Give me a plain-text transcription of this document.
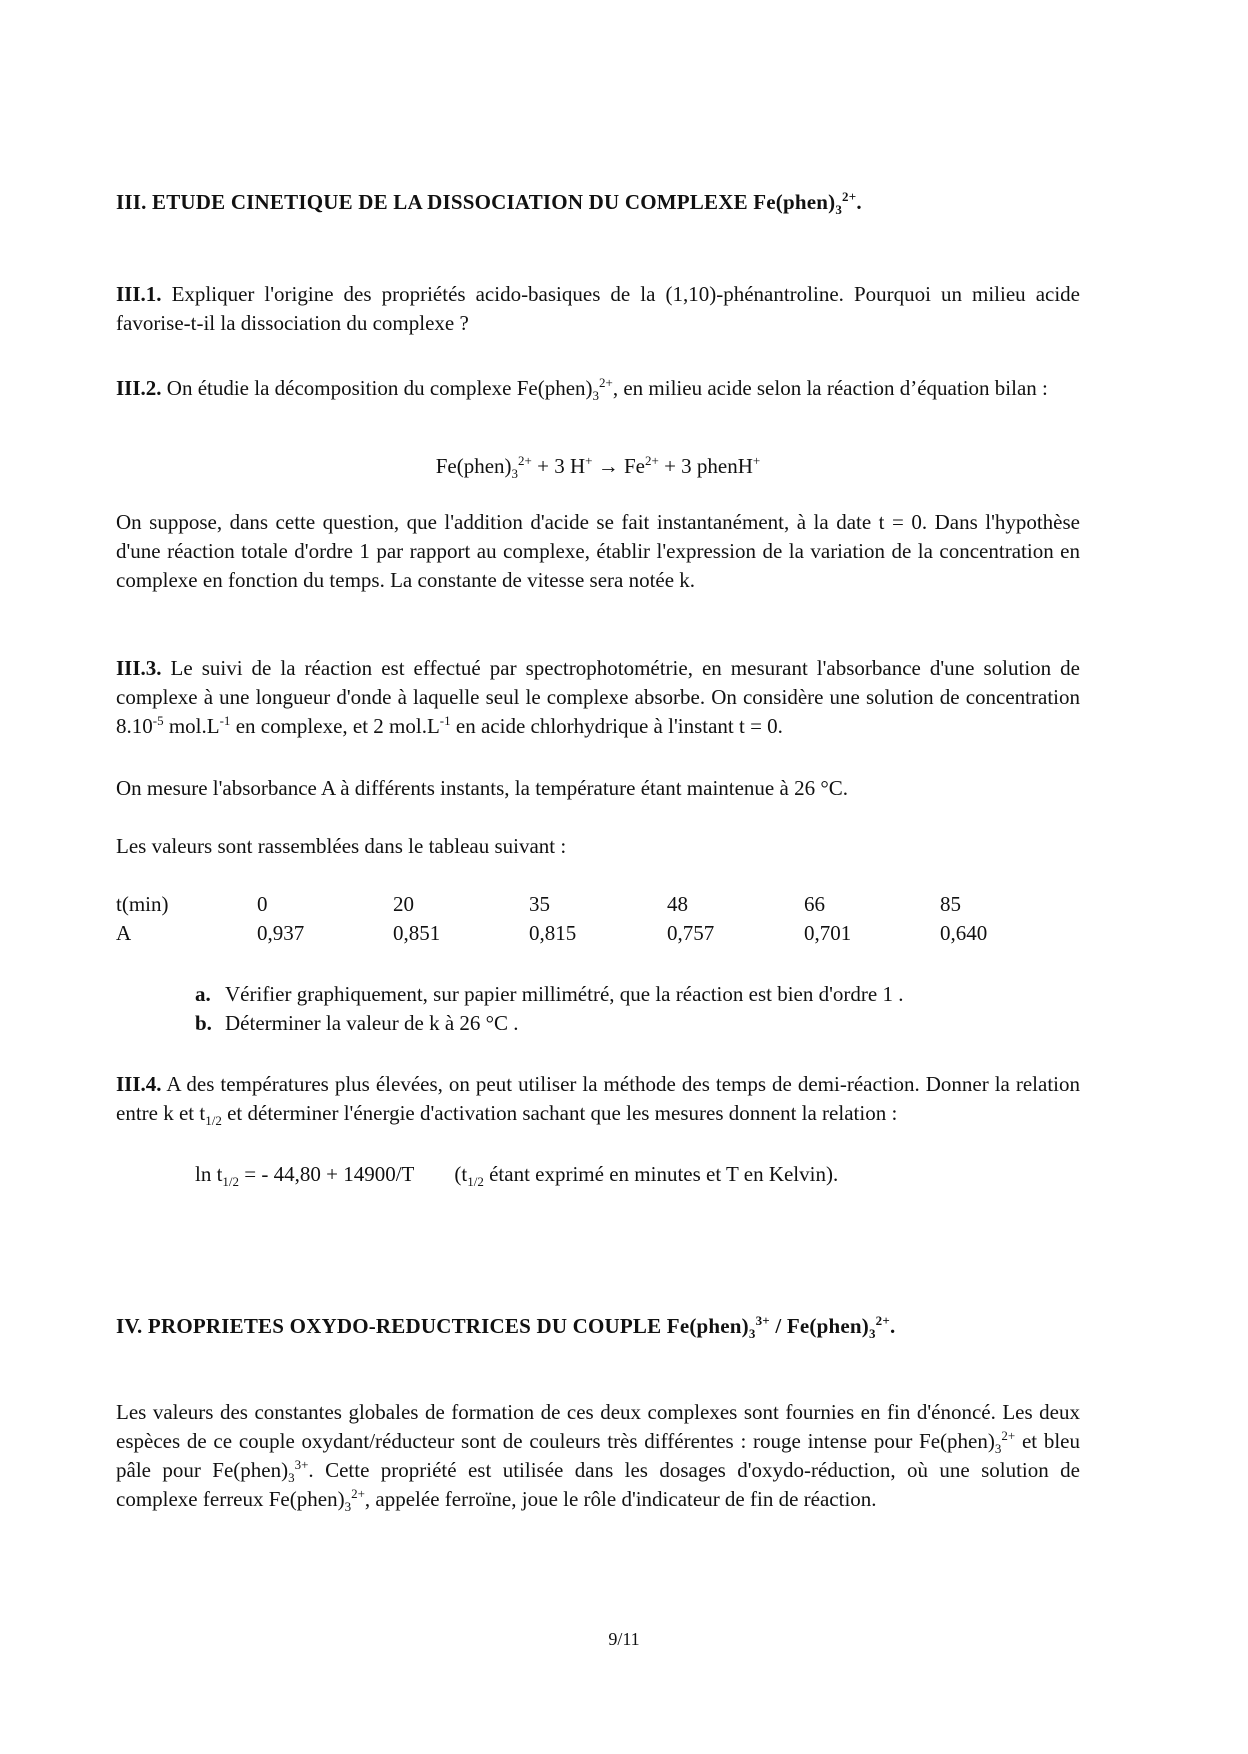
III. ETUDE CINETIQUE DE LA DISSOCIATION DU COMPLEXE $Fe(phen)_3^{2+}$.
III.1. Expliquer l'origine des propriétés acido-basiques de la (1,10)-phénantroline. Pourquoi un milieu acide favorise-t-il la dissociation du complexe ?
III.2. On étudie la décomposition du complexe $Fe(phen)_3^{2+}$, en milieu acide selon la réaction d’équation bilan :
$Fe(phen)_3^{2+} + 3$ $H^+ \to Fe^{2+} + 3$ phenH+
On suppose, dans cette question, que l'addition d'acide se fait instantanément, à la date t = 0. Dans l'hypothèse d'une réaction totale d'ordre 1 par rapport au complexe, établir l'expression de la variation de la concentration en complexe en fonction du temps. La constante de vitesse sera notée k.
III.3. Le suivi de la réaction est effectué par spectrophotométrie, en mesurant l'absorbance d'une solution de complexe à une longueur d'onde à laquelle seul le complexe absorbe. On considère une solution de concentration $8.10^{-5}$ $mol.L^{-1}$ en complexe, et 2 $mol.L^{-1}$ en acide chlorhydrique à l'instant t = 0.
On mesure l'absorbance A à différents instants, la température étant maintenue à 26 °C.
Les valeurs sont rassemblées dans le tableau suivant :
t(min)	0	20	35	48	66	85
A	0,937	0,851	0,815	0,757	0,701	0,640
a. Vérifier graphiquement, sur papier millimétré, que la réaction est bien d'ordre 1 .
b. Déterminer la valeur de k à 26 °C .
III.4. A des températures plus élevées, on peut utiliser la méthode des temps de demi-réaction. Donner la relation entre k et $t_{1/2}$ et déterminer l'énergie d'activation sachant que les mesures donnent la relation :
$\ln t_{1/2}$ = - 44,80 + 14900/T ($t_{1/2}$ étant exprimé en minutes et T en Kelvin).
IV. PROPRIETES OXYDO-REDUCTRICES DU COUPLE $Fe(phen)_3^{3+}$ / $Fe(phen)_3^{2+}$.
Les valeurs des constantes globales de formation de ces deux complexes sont fournies en fin d'énoncé. Les deux espèces de ce couple oxydant/réducteur sont de couleurs très différentes : rouge intense pour $Fe(phen)_3^{2+}$ et bleu pâle pour $Fe(phen)_3^{3+}$. Cette propriété est utilisée dans les dosages d'oxydo-réduction, où une solution de complexe ferreux $Fe(phen)_3^{2+}$, appelée ferroïne, joue le rôle d'indicateur de fin de réaction.
9/11
